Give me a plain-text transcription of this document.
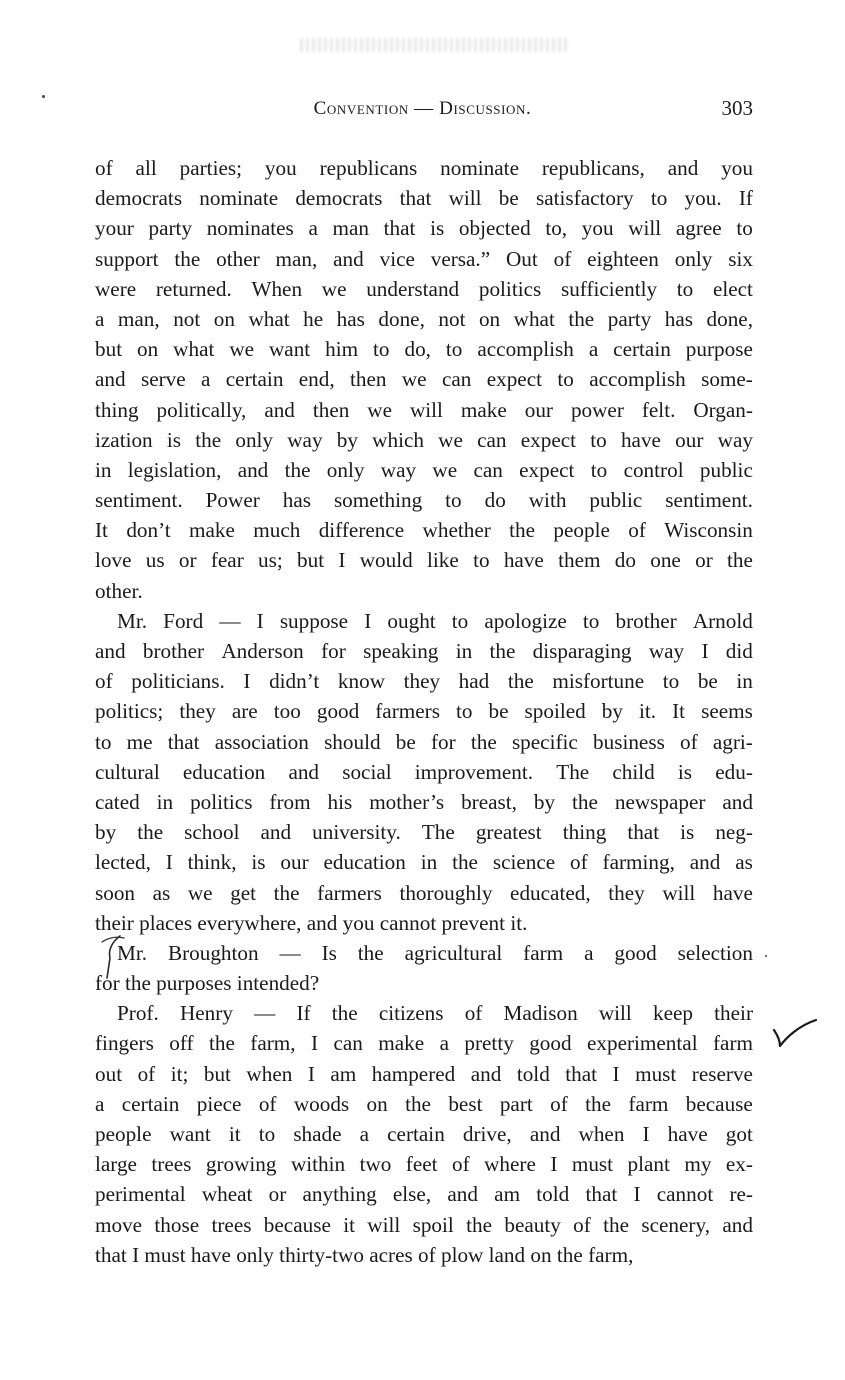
Convention — Discussion.	303
of all parties; you republicans nominate republicans, and you
democrats nominate democrats that will be satisfactory to you. If
your party nominates a man that is objected to, you will agree to
support the other man, and vice versa.” Out of eighteen only six
were returned. When we understand politics sufficiently to elect
a man, not on what he has done, not on what the party has done,
but on what we want him to do, to accomplish a certain purpose
and serve a certain end, then we can expect to accomplish some-
thing politically, and then we will make our power felt. Organ-
ization is the only way by which we can expect to have our way
in legislation, and the only way we can expect to control public
sentiment. Power has something to do with public sentiment.
It don’t make much difference whether the people of Wisconsin
love us or fear us; but I would like to have them do one or the
other.
Mr. Ford — I suppose I ought to apologize to brother Arnold
and brother Anderson for speaking in the disparaging way I did
of politicians. I didn’t know they had the misfortune to be in
politics; they are too good farmers to be spoiled by it. It seems
to me that association should be for the specific business of agri-
cultural education and social improvement. The child is edu-
cated in politics from his mother’s breast, by the newspaper and
by the school and university. The greatest thing that is neg-
lected, I think, is our education in the science of farming, and as
soon as we get the farmers thoroughly educated, they will have
their places everywhere, and you cannot prevent it.
Mr. Broughton — Is the agricultural farm a good selection
for the purposes intended?
Prof. Henry — If the citizens of Madison will keep their
fingers off the farm, I can make a pretty good experimental farm
out of it; but when I am hampered and told that I must reserve
a certain piece of woods on the best part of the farm because
people want it to shade a certain drive, and when I have got
large trees growing within two feet of where I must plant my ex-
perimental wheat or anything else, and am told that I cannot re-
move those trees because it will spoil the beauty of the scenery, and
that I must have only thirty-two acres of plow land on the farm,
